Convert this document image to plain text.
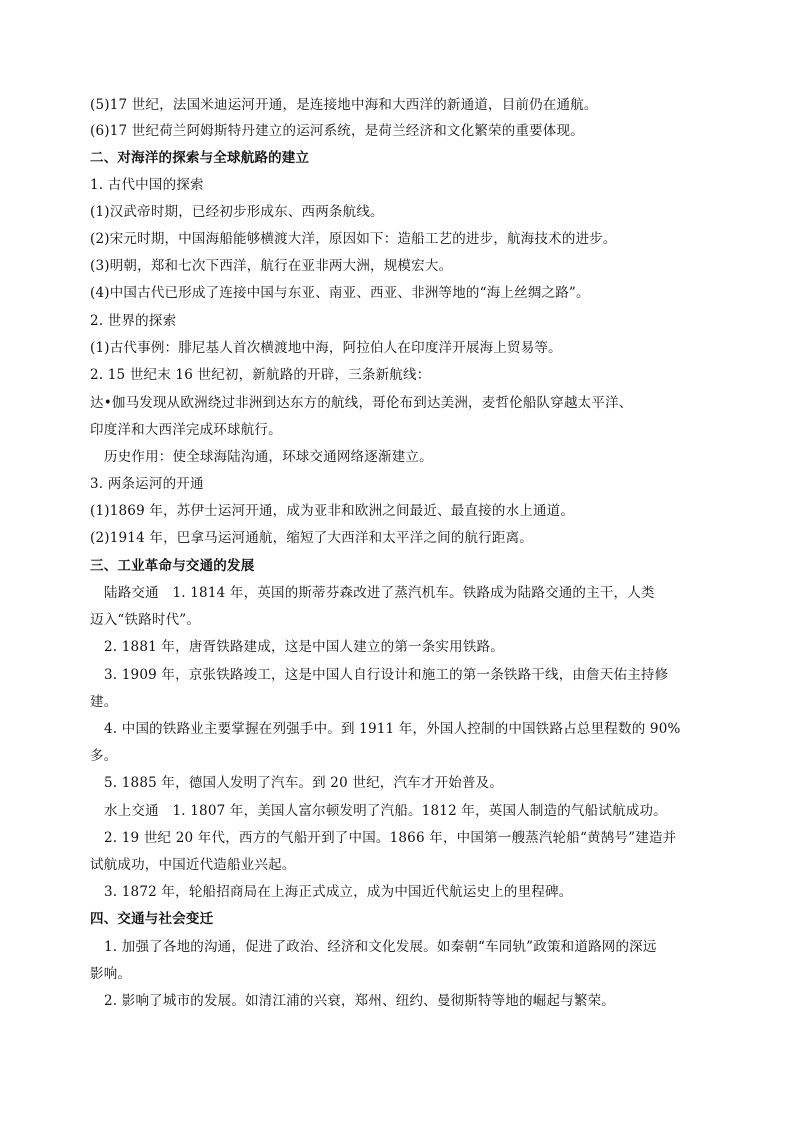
(5)17 世纪，法国米迪运河开通，是连接地中海和大西洋的新通道，目前仍在通航。
(6)17 世纪荷兰阿姆斯特丹建立的运河系统，是荷兰经济和文化繁荣的重要体现。
二、对海洋的探索与全球航路的建立
1. 古代中国的探索
(1)汉武帝时期，已经初步形成东、西两条航线。
(2)宋元时期，中国海船能够横渡大洋，原因如下：造船工艺的进步，航海技术的进步。
(3)明朝，郑和七次下西洋，航行在亚非两大洲，规模宏大。
(4)中国古代已形成了连接中国与东亚、南亚、西亚、非洲等地的“海上丝绸之路”。
2. 世界的探索
(1)古代事例：腓尼基人首次横渡地中海，阿拉伯人在印度洋开展海上贸易等。
2. 15 世纪末 16 世纪初，新航路的开辟，三条新航线：
达•伽马发现从欧洲绕过非洲到达东方的航线，哥伦布到达美洲，麦哲伦船队穿越太平洋、
印度洋和大西洋完成环球航行。
历史作用：使全球海陆沟通，环球交通网络逐渐建立。
3. 两条运河的开通
(1)1869 年，苏伊士运河开通，成为亚非和欧洲之间最近、最直接的水上通道。
(2)1914 年，巴拿马运河通航，缩短了大西洋和太平洋之间的航行距离。
三、工业革命与交通的发展
陆路交通　1. 1814 年，英国的斯蒂芬森改进了蒸汽机车。铁路成为陆路交通的主干，人类
迈入“铁路时代”。
2. 1881 年，唐胥铁路建成，这是中国人建立的第一条实用铁路。
3. 1909 年，京张铁路竣工，这是中国人自行设计和施工的第一条铁路干线，由詹天佑主持修
建。
4. 中国的铁路业主要掌握在列强手中。到 1911 年，外国人控制的中国铁路占总里程数的 90%
多。
5. 1885 年，德国人发明了汽车。到 20 世纪，汽车才开始普及。
水上交通　1. 1807 年，美国人富尔顿发明了汽船。1812 年，英国人制造的气船试航成功。
2. 19 世纪 20 年代，西方的气船开到了中国。1866 年，中国第一艘蒸汽轮船“黄鹄号”建造并
试航成功，中国近代造船业兴起。
3. 1872 年，轮船招商局在上海正式成立，成为中国近代航运史上的里程碑。
四、交通与社会变迁
1. 加强了各地的沟通，促进了政治、经济和文化发展。如秦朝“车同轨”政策和道路网的深远
影响。
2. 影响了城市的发展。如清江浦的兴衰，郑州、纽约、曼彻斯特等地的崛起与繁荣。
